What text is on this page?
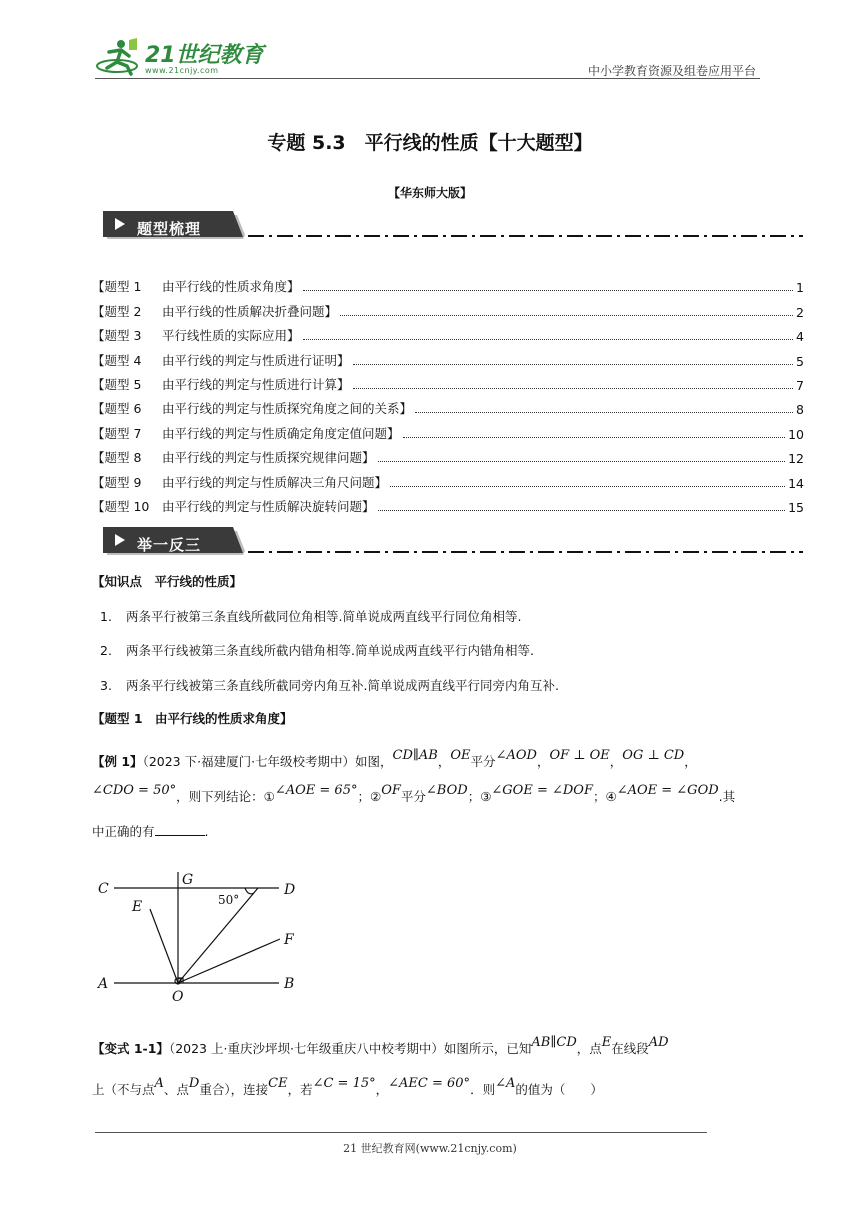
21世纪教育
www.21cnjy.com	中小学教育资源及组卷应用平台
专题 5.3　平行线的性质【十大题型】
【华东师大版】
题型梳理
【题型 1	由平行线的性质求角度】	1
【题型 2	由平行线的性质解决折叠问题】	2
【题型 3	平行线性质的实际应用】	4
【题型 4	由平行线的判定与性质进行证明】	5
【题型 5	由平行线的判定与性质进行计算】	7
【题型 6	由平行线的判定与性质探究角度之间的关系】	8
【题型 7	由平行线的判定与性质确定角度定值问题】	10
【题型 8	由平行线的判定与性质探究规律问题】	12
【题型 9	由平行线的判定与性质解决三角尺问题】	14
【题型 10	由平行线的判定与性质解决旋转问题】	15
举一反三
【知识点　平行线的性质】
1. 两条平行被第三条直线所截同位角相等.简单说成两直线平行同位角相等.
2. 两条平行线被第三条直线所截内错角相等.简单说成两直线平行内错角相等.
3. 两条平行线被第三条直线所截同旁内角互补.简单说成两直线平行同旁内角互补.
【题型 1　由平行线的性质求角度】
【例 1】（2023 下·福建厦门·七年级校考期中）如图，CD∥AB，OE平分∠AOD，OF ⊥ OE，OG ⊥ CD，
∠CDO = 50°，则下列结论：①∠AOE = 65°；②OF平分∠BOD；③∠GOE = ∠DOF；④∠AOE = ∠GOD.其
中正确的有	.
C
G
D
E
F
A
O
B
50°
【变式 1-1】（2023 上·重庆沙坪坝·七年级重庆八中校考期中）如图所示，已知AB∥CD，点E在线段AD
上（不与点A、点D重合），连接CE，若∠C = 15°，∠AEC = 60°．则∠A的值为（　　）
21 世纪教育网(www.21cnjy.com)
